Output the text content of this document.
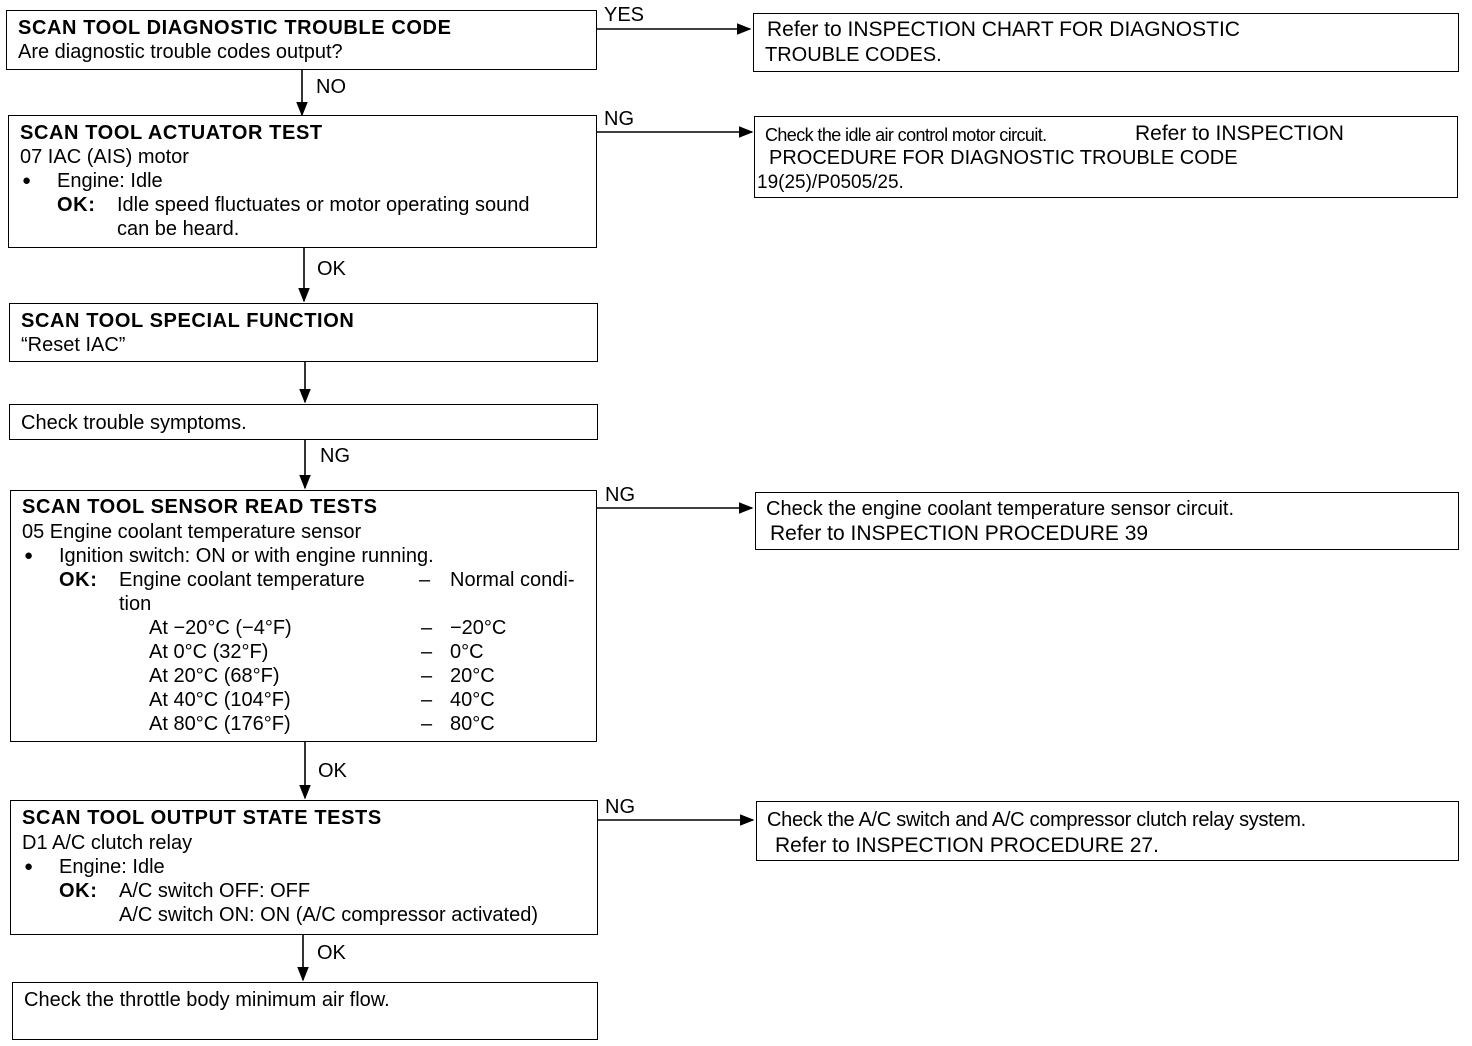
YES
NO
NG
OK
NG
NG
OK
NG
OK
SCAN TOOL DIAGNOSTIC TROUBLE CODE
Are diagnostic trouble codes output?
SCAN TOOL ACTUATOR TEST
07 IAC (AIS) motor
● Engine: Idle
OK: Idle speed fluctuates or motor operating sound
can be heard.
SCAN TOOL SPECIAL FUNCTION
“Reset IAC”
Check trouble symptoms.
SCAN TOOL SENSOR READ TESTS
05 Engine coolant temperature sensor
● Ignition switch: ON or with engine running.
OK: Engine coolant temperature	– Normal condi-
tion
At −20°C (−4°F)	– −20°C
At 0°C (32°F)	– 0°C
At 20°C (68°F)	– 20°C
At 40°C (104°F)	– 40°C
At 80°C (176°F)	– 80°C
SCAN TOOL OUTPUT STATE TESTS
D1 A/C clutch relay
● Engine: Idle
OK: A/C switch OFF: OFF
A/C switch ON: ON (A/C compressor activated)
Check the throttle body minimum air flow.
Refer to INSPECTION CHART FOR DIAGNOSTIC
TROUBLE CODES.
Check the idle air control motor circuit.	Refer to INSPECTION
PROCEDURE FOR DIAGNOSTIC TROUBLE CODE
19(25)/P0505/25.
Check the engine coolant temperature sensor circuit.
Refer to INSPECTION PROCEDURE 39
Check the A/C switch and A/C compressor clutch relay system.
Refer to INSPECTION PROCEDURE 27.
